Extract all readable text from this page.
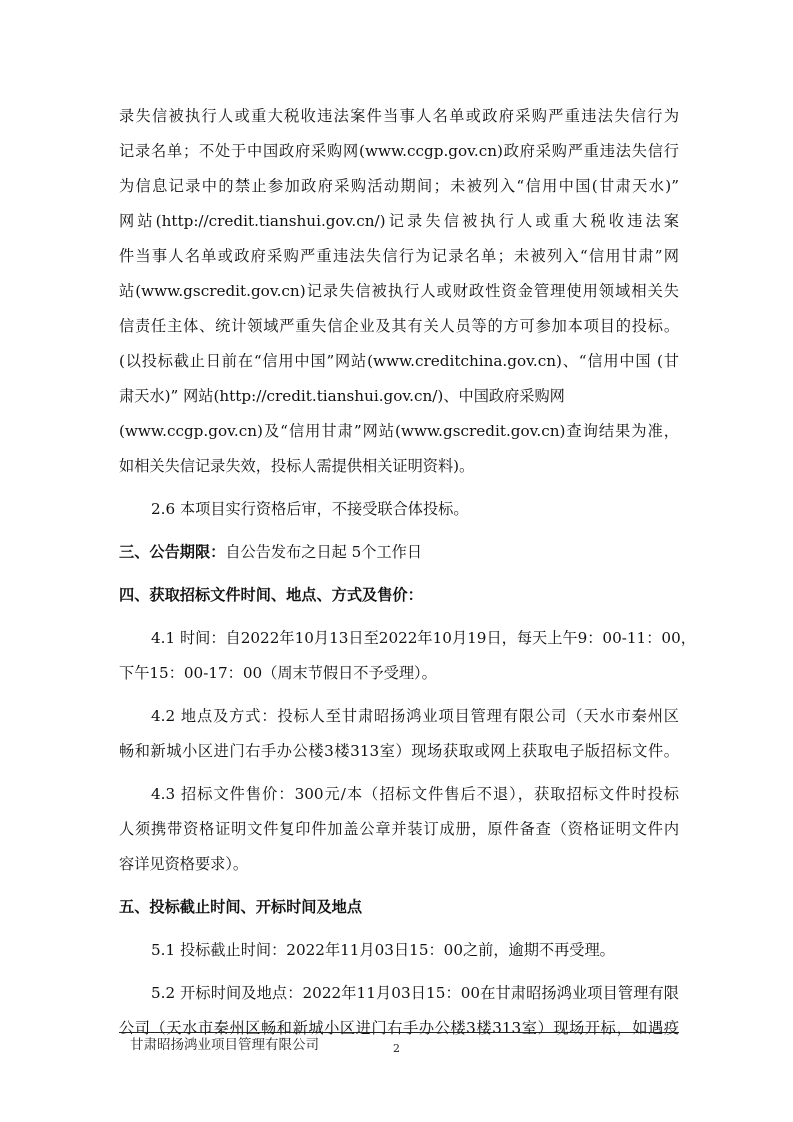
录失信被执行人或重大税收违法案件当事人名单或政府采购严重违法失信行为
记录名单；不处于中国政府采购网(www.ccgp.gov.cn)政府采购严重违法失信行
为信息记录中的禁止参加政府采购活动期间；未被列入“信用中国(甘肃天水)”
网站(http://credit.tianshui.gov.cn/)记录失信被执行人或重大税收违法案
件当事人名单或政府采购严重违法失信行为记录名单；未被列入“信用甘肃”网
站(www.gscredit.gov.cn)记录失信被执行人或财政性资金管理使用领域相关失
信责任主体、统计领域严重失信企业及其有关人员等的方可参加本项目的投标。
(以投标截止日前在“信用中国”网站(www.creditchina.gov.cn)、“信用中国 (甘
肃天水)” 网站(http://credit.tianshui.gov.cn/)、中国政府采购网
(www.ccgp.gov.cn)及“信用甘肃”网站(www.gscredit.gov.cn)查询结果为准，
如相关失信记录失效，投标人需提供相关证明资料)。
2.6 本项目实行资格后审，不接受联合体投标。
三、公告期限：自公告发布之日起 5个工作日
四、获取招标文件时间、地点、方式及售价：
4.1 时间：自2022年10月13日至2022年10月19日，每天上午9：00-11：00，
下午15：00-17：00（周末节假日不予受理）。
4.2 地点及方式：投标人至甘肃昭扬鸿业项目管理有限公司（天水市秦州区
畅和新城小区进门右手办公楼3楼313室）现场获取或网上获取电子版招标文件。
4.3 招标文件售价：300元/本（招标文件售后不退），获取招标文件时投标
人须携带资格证明文件复印件加盖公章并装订成册，原件备查（资格证明文件内
容详见资格要求）。
五、投标截止时间、开标时间及地点
5.1 投标截止时间：2022年11月03日15：00之前，逾期不再受理。
5.2 开标时间及地点：2022年11月03日15：00在甘肃昭扬鸿业项目管理有限
公司（天水市秦州区畅和新城小区进门右手办公楼3楼313室）现场开标，如遇疫
甘肃昭扬鸿业项目管理有限公司	2
